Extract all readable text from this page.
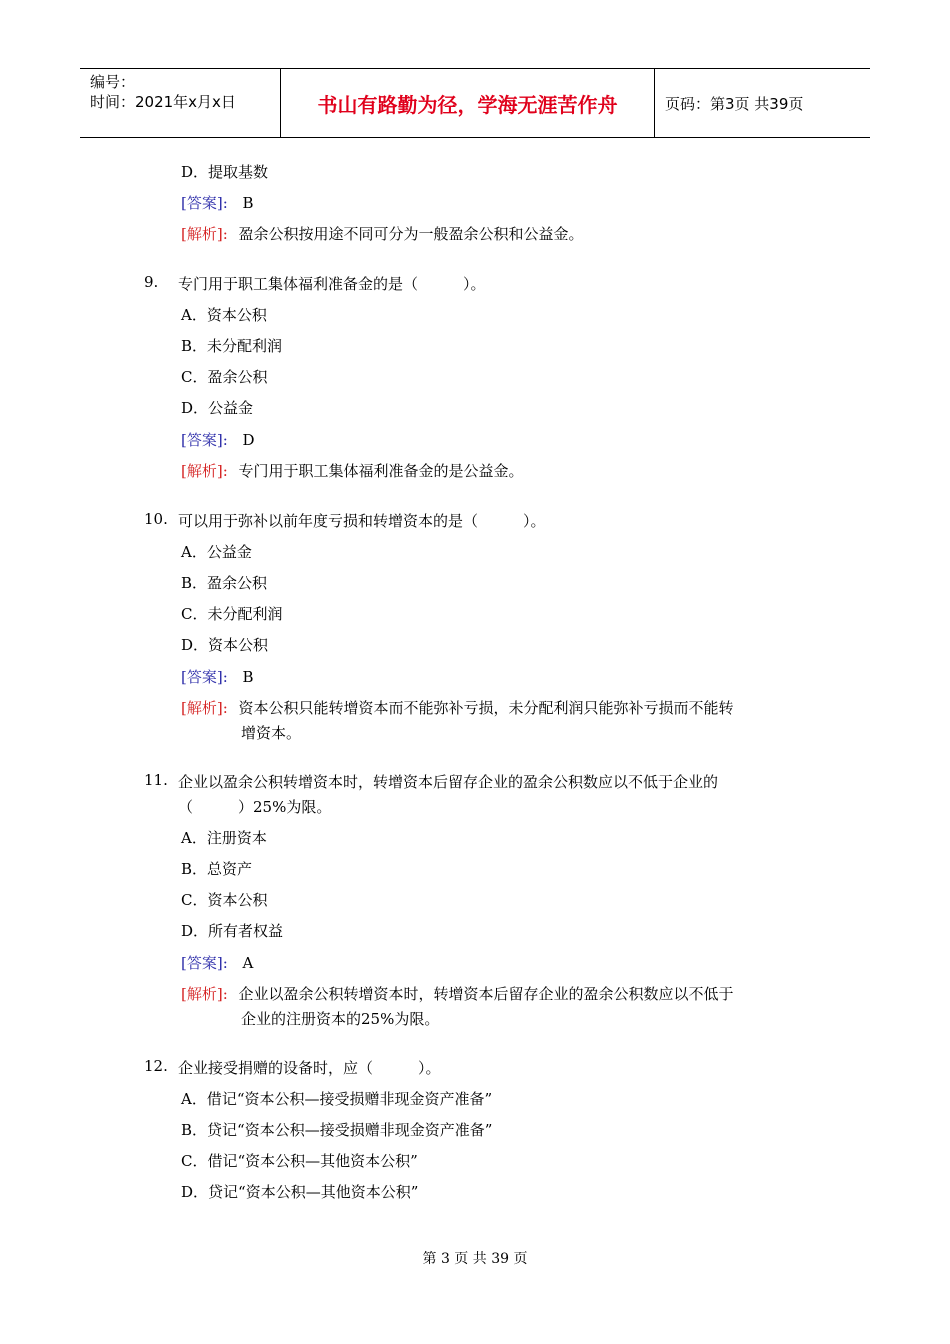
编号：
时间：2021年x月x日	书山有路勤为径，学海无涯苦作舟	页码：第3页 共39页
D．提取基数
[答案]: B
[解析]: 盈余公积按用途不同可分为一般盈余公积和公益金。
9. 专门用于职工集体福利准备金的是（　　　）。
A．资本公积
B．未分配利润
C．盈余公积
D．公益金
[答案]: D
[解析]: 专门用于职工集体福利准备金的是公益金。
10. 可以用于弥补以前年度亏损和转增资本的是（　　　）。
A．公益金
B．盈余公积
C．未分配利润
D．资本公积
[答案]: B
[解析]: 资本公积只能转增资本而不能弥补亏损，未分配利润只能弥补亏损而不能转
增资本。
11. 企业以盈余公积转增资本时，转增资本后留存企业的盈余公积数应以不低于企业的
（　　　）25%为限。
A．注册资本
B．总资产
C．资本公积
D．所有者权益
[答案]: A
[解析]: 企业以盈余公积转增资本时，转增资本后留存企业的盈余公积数应以不低于
企业的注册资本的25%为限。
12. 企业接受捐赠的设备时，应（　　　）。
A．借记“资本公积—接受损赠非现金资产准备”
B．贷记“资本公积—接受损赠非现金资产准备”
C．借记“资本公积—其他资本公积”
D．贷记“资本公积—其他资本公积”
第 3 页 共 39 页
